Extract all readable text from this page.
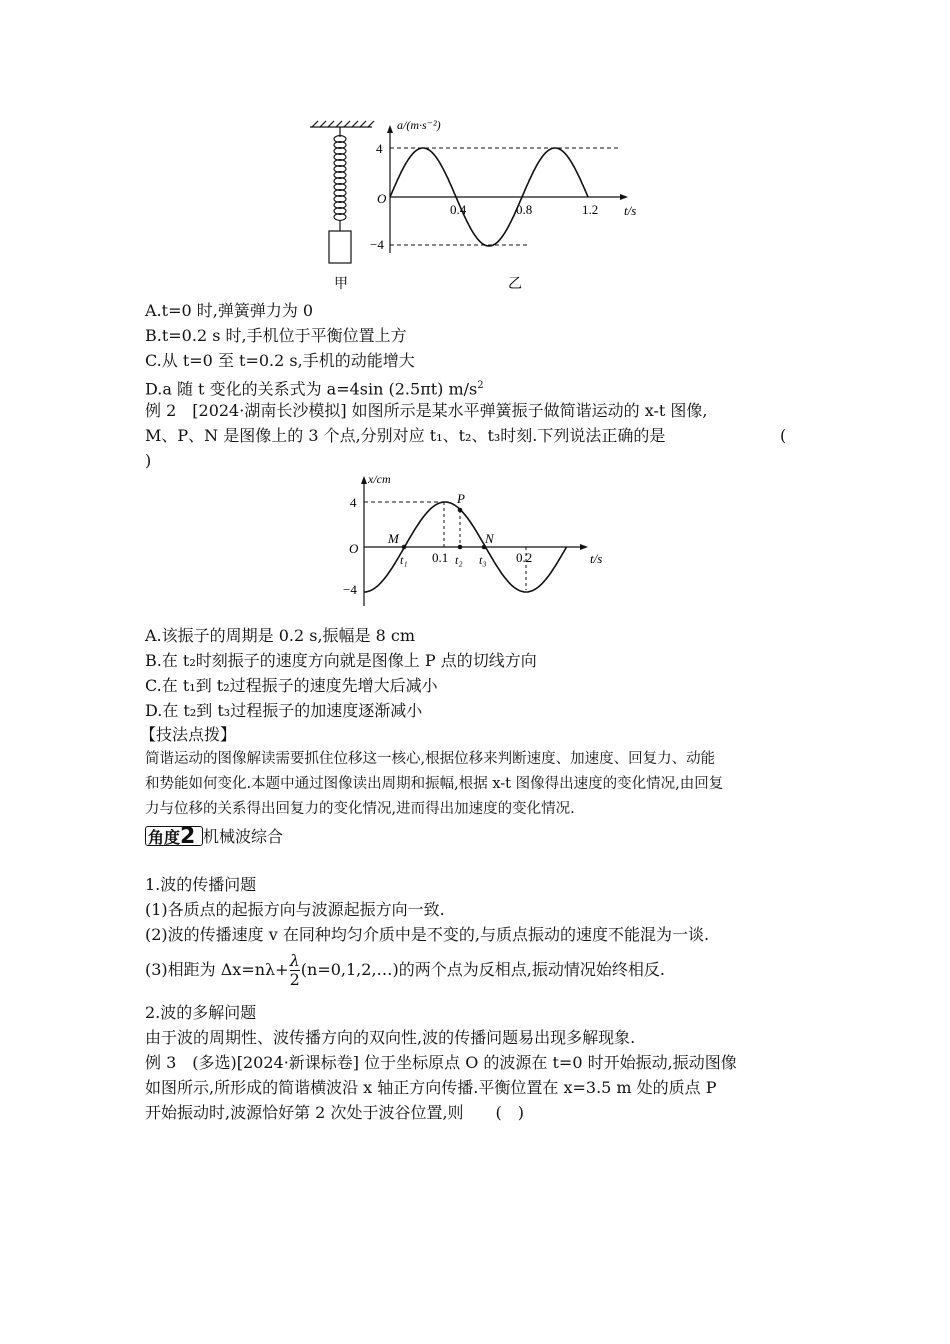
甲
a/(m·s⁻²)
t/s
4
−4
O
0.4	0.8	1.2
乙
A.t=0 时,弹簧弹力为 0
B.t=0.2 s 时,手机位于平衡位置上方
C.从 t=0 至 t=0.2 s,手机的动能增大
D.a 随 t 变化的关系式为 a=4sin (2.5πt) $m/s^2$
例 2　[2024·湖南长沙模拟] 如图所示是某水平弹簧振子做简谐运动的 x-t 图像,
M、P、N 是图像上的 3 个点,分别对应 t₁、t₂、t₃时刻.下列说法正确的是	(
)
x/cm
t/s
4
−4
O
0.1	0.2
M
P
N
t₁	t₂ t₃
A.该振子的周期是 0.2 s,振幅是 8 cm
B.在 t₂时刻振子的速度方向就是图像上 P 点的切线方向
C.在 t₁到 t₂过程振子的速度先增大后减小
D.在 t₂到 t₃过程振子的加速度逐渐减小
【技法点拨】
简谐运动的图像解读需要抓住位移这一核心,根据位移来判断速度、加速度、回复力、动能
和势能如何变化.本题中通过图像读出周期和振幅,根据 x-t 图像得出速度的变化情况,由回复
力与位移的关系得出回复力的变化情况,进而得出加速度的变化情况.
角度2 机械波综合
1.波的传播问题
(1)各质点的起振方向与波源起振方向一致.
(2)波的传播速度 v 在同种均匀介质中是不变的,与质点振动的速度不能混为一谈.
(3)相距为 $\Delta x=n\lambda+ \frac{\lambda}{2}$ (n=0,1,2,…)的两个点为反相点,振动情况始终相反.
2.波的多解问题
由于波的周期性、波传播方向的双向性,波的传播问题易出现多解现象.
例 3　(多选)[2024·新课标卷] 位于坐标原点 O 的波源在 t=0 时开始振动,振动图像
如图所示,所形成的简谐横波沿 x 轴正方向传播.平衡位置在 x=3.5 m 处的质点 P
开始振动时,波源恰好第 2 次处于波谷位置,则　　(　)
